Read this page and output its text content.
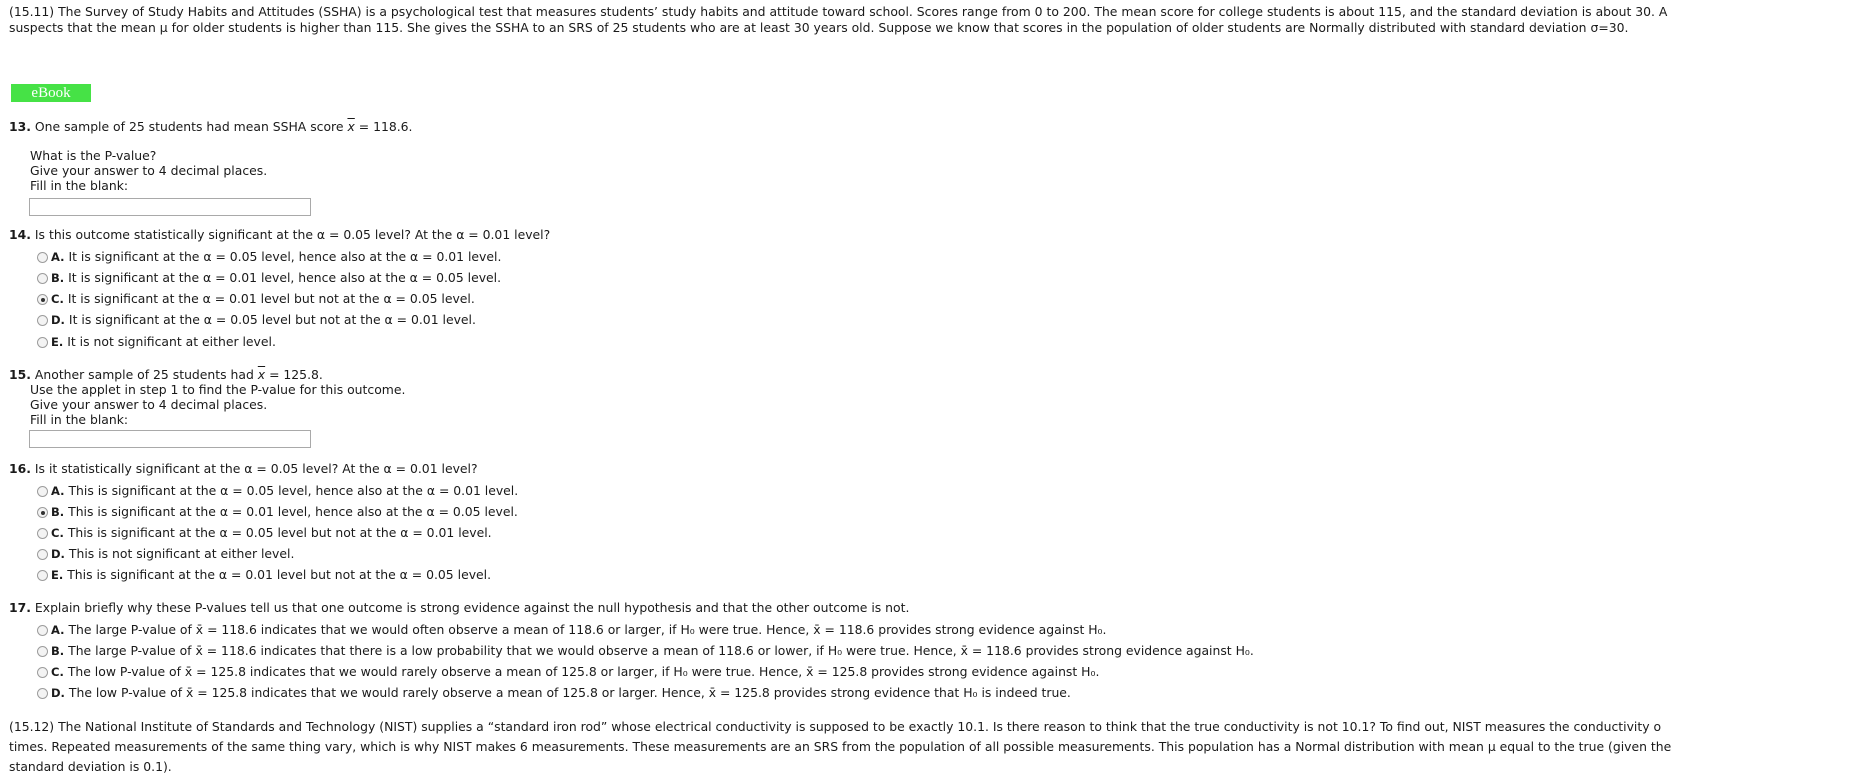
(15.11) The Survey of Study Habits and Attitudes (SSHA) is a psychological test that measures students’ study habits and attitude toward school. Scores range from 0 to 200. The mean score for college students is about 115, and the standard deviation is about 30. A
suspects that the mean μ for older students is higher than 115. She gives the SSHA to an SRS of 25 students who are at least 30 years old. Suppose we know that scores in the population of older students are Normally distributed with standard deviation σ=30.
eBook
13. One sample of 25 students had mean SSHA score $\overline{x} = 118.6$.
What is the P-value?
Give your answer to 4 decimal places.
Fill in the blank:
14. Is this outcome statistically significant at the α = 0.05 level? At the α = 0.01 level?
A. It is significant at the α = 0.05 level, hence also at the α = 0.01 level.
B. It is significant at the α = 0.01 level, hence also at the α = 0.05 level.
C. It is significant at the α = 0.01 level but not at the α = 0.05 level.
D. It is significant at the α = 0.05 level but not at the α = 0.01 level.
E. It is not significant at either level.
15. Another sample of 25 students had $\overline{x} = 125.8$.
Use the applet in step 1 to find the P-value for this outcome.
Give your answer to 4 decimal places.
Fill in the blank:
16. Is it statistically significant at the α = 0.05 level? At the α = 0.01 level?
A. This is significant at the α = 0.05 level, hence also at the α = 0.01 level.
B. This is significant at the α = 0.01 level, hence also at the α = 0.05 level.
C. This is significant at the α = 0.05 level but not at the α = 0.01 level.
D. This is not significant at either level.
E. This is significant at the α = 0.01 level but not at the α = 0.05 level.
17. Explain briefly why these P-values tell us that one outcome is strong evidence against the null hypothesis and that the other outcome is not.
A. The large P-value of x̄ = 118.6 indicates that we would often observe a mean of 118.6 or larger, if H₀ were true. Hence, x̄ = 118.6 provides strong evidence against H₀.
B. The large P-value of x̄ = 118.6 indicates that there is a low probability that we would observe a mean of 118.6 or lower, if H₀ were true. Hence, x̄ = 118.6 provides strong evidence against H₀.
C. The low P-value of x̄ = 125.8 indicates that we would rarely observe a mean of 125.8 or larger, if H₀ were true. Hence, x̄ = 125.8 provides strong evidence against H₀.
D. The low P-value of x̄ = 125.8 indicates that we would rarely observe a mean of 125.8 or larger. Hence, x̄ = 125.8 provides strong evidence that H₀ is indeed true.
(15.12) The National Institute of Standards and Technology (NIST) supplies a “standard iron rod” whose electrical conductivity is supposed to be exactly 10.1. Is there reason to think that the true conductivity is not 10.1? To find out, NIST measures the conductivity o
times. Repeated measurements of the same thing vary, which is why NIST makes 6 measurements. These measurements are an SRS from the population of all possible measurements. This population has a Normal distribution with mean μ equal to the true (given the
standard deviation is 0.1).
